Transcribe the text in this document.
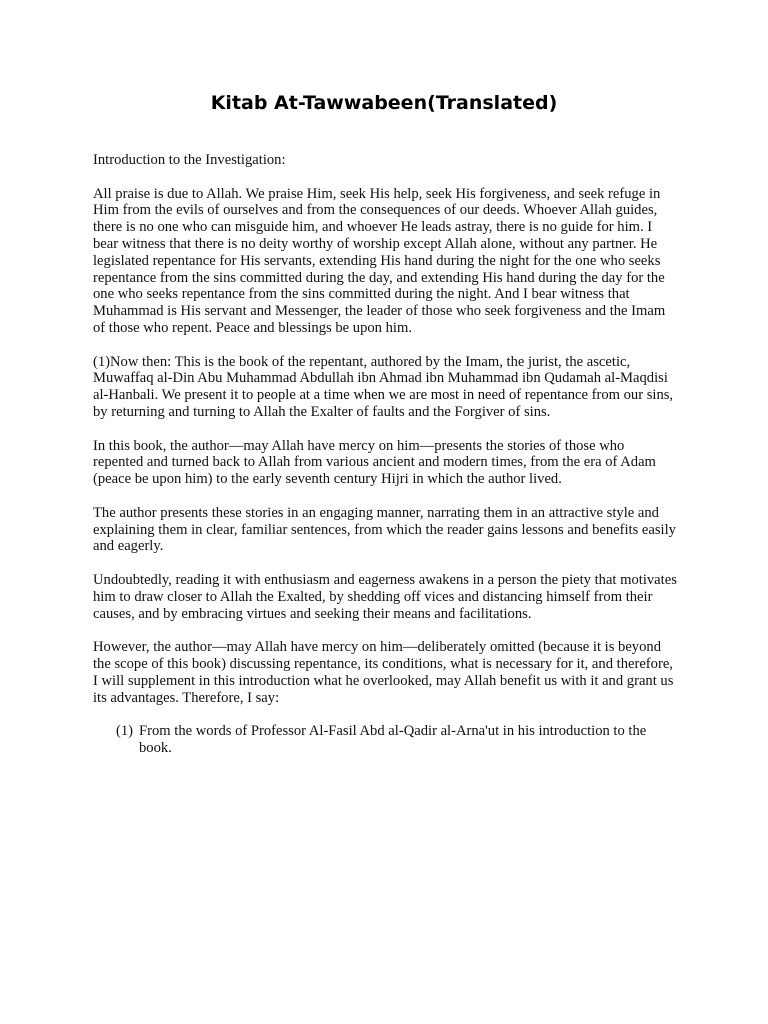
Kitab At-Tawwabeen(Translated)

Introduction to the Investigation:

All praise is due to Allah. We praise Him, seek His help, seek His forgiveness, and seek refuge in Him from the evils of ourselves and from the consequences of our deeds. Whoever Allah guides, there is no one who can misguide him, and whoever He leads astray, there is no guide for him. I bear witness that there is no deity worthy of worship except Allah alone, without any partner. He legislated repentance for His servants, extending His hand during the night for the one who seeks repentance from the sins committed during the day, and extending His hand during the day for the one who seeks repentance from the sins committed during the night. And I bear witness that Muhammad is His servant and Messenger, the leader of those who seek forgiveness and the Imam of those who repent. Peace and blessings be upon him.

(1)Now then: This is the book of the repentant, authored by the Imam, the jurist, the ascetic, Muwaffaq al-Din Abu Muhammad Abdullah ibn Ahmad ibn Muhammad ibn Qudamah al-Maqdisi al-Hanbali. We present it to people at a time when we are most in need of repentance from our sins, by returning and turning to Allah the Exalter of faults and the Forgiver of sins.

In this book, the author—may Allah have mercy on him—presents the stories of those who repented and turned back to Allah from various ancient and modern times, from the era of Adam (peace be upon him) to the early seventh century Hijri in which the author lived.

The author presents these stories in an engaging manner, narrating them in an attractive style and explaining them in clear, familiar sentences, from which the reader gains lessons and benefits easily and eagerly.

Undoubtedly, reading it with enthusiasm and eagerness awakens in a person the piety that motivates him to draw closer to Allah the Exalted, by shedding off vices and distancing himself from their causes, and by embracing virtues and seeking their means and facilitations.

However, the author—may Allah have mercy on him—deliberately omitted (because it is beyond the scope of this book) discussing repentance, its conditions, what is necessary for it, and therefore, I will supplement in this introduction what he overlooked, may Allah benefit us with it and grant us its advantages. Therefore, I say:

(1) From the words of Professor Al-Fasil Abd al-Qadir al-Arna'ut in his introduction to the book.
